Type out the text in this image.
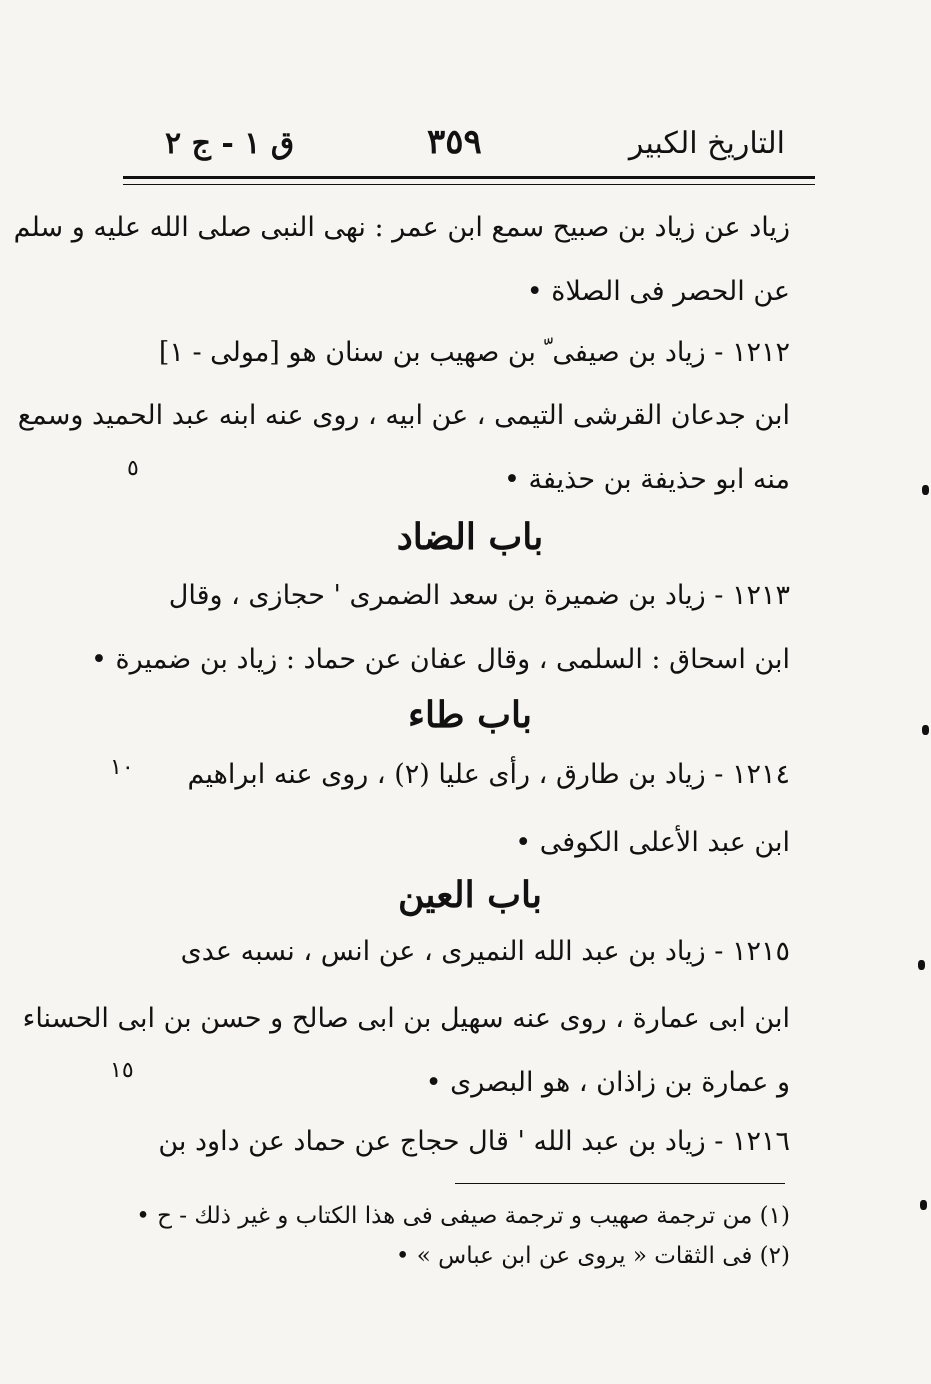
التاريخ الكبير
٣٥٩
ق ١ - ج ٢
زياد عن زياد بن صبيح سمع ابن عمر : نهى النبى صلى الله عليه و سلم
عن الحصر فى الصلاة •
١٢١٢ - زياد بن صيفى ّ بن صهيب بن سنان هو [مولى - ١]
ابن جدعان القرشى التيمى ، عن ابيه ، روى عنه ابنه عبد الحميد وسمع
منه ابو حذيفة بن حذيفة •
٥
باب الضاد
١٢١٣ - زياد بن ضميرة بن سعد الضمرى ' حجازى ، وقال
ابن اسحاق : السلمى ، وقال عفان عن حماد : زياد بن ضميرة •
باب طاء
١٢١٤ - زياد بن طارق ، رأى عليا (٢) ، روى عنه ابراهيم
١٠
ابن عبد الأعلى الكوفى •
باب العين
١٢١٥ - زياد بن عبد الله النميرى ، عن انس ، نسبه عدى
ابن ابى عمارة ، روى عنه سهيل بن ابى صالح و حسن بن ابى الحسناء
و عمارة بن زاذان ، هو البصرى •
١٥
١٢١٦ - زياد بن عبد الله ' قال حجاج عن حماد عن داود بن
(١) من ترجمة صهيب و ترجمة صيفى فى هذا الكتاب و غير ذلك - ح •
(٢) فى الثقات « يروى عن ابن عباس » •
